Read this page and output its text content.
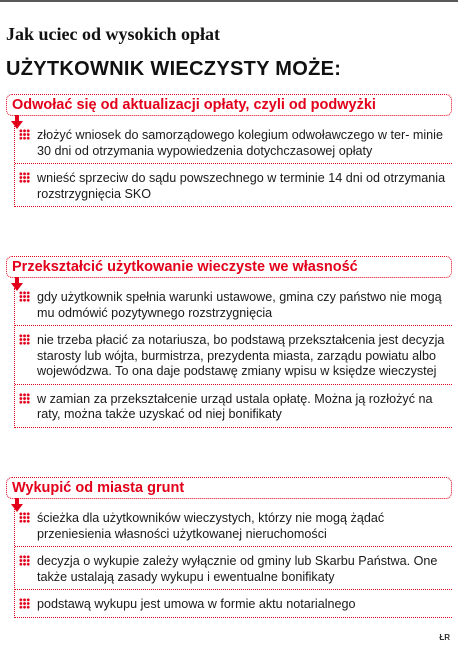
Jak uciec od wysokich opłat
UŻYTKOWNIK WIECZYSTY MOŻE:
Odwołać się od aktualizacji opłaty, czyli od podwyżki
złożyć wniosek do samorządowego kolegium odwoławczego w ter- minie 30 dni od otrzymania wypowiedzenia dotychczasowej opłaty
wnieść sprzeciw do sądu powszechnego w terminie 14 dni od otrzymania rozstrzygnięcia SKO
Przekształcić użytkowanie wieczyste we własność
gdy użytkownik spełnia warunki ustawowe, gmina czy państwo nie mogą mu odmówić pozytywnego rozstrzygnięcia
nie trzeba płacić za notariusza, bo podstawą przekształcenia jest decyzja starosty lub wójta, burmistrza, prezydenta miasta, zarządu powiatu albo wojewódzwa. To ona daje podstawę zmiany wpisu w księdze wieczystej
w zamian za przekształcenie urząd ustala opłatę. Można ją rozłożyć na raty, można także uzyskać od niej bonifikaty
Wykupić od miasta grunt
ścieżka dla użytkowników wieczystych, którzy nie mogą żądać przeniesienia własności użytkowanej nieruchomości
decyzja o wykupie zależy wyłącznie od gminy lub Skarbu Państwa. One także ustalają zasady wykupu i ewentualne bonifikaty
podstawą wykupu jest umowa w formie aktu notarialnego
ŁR
